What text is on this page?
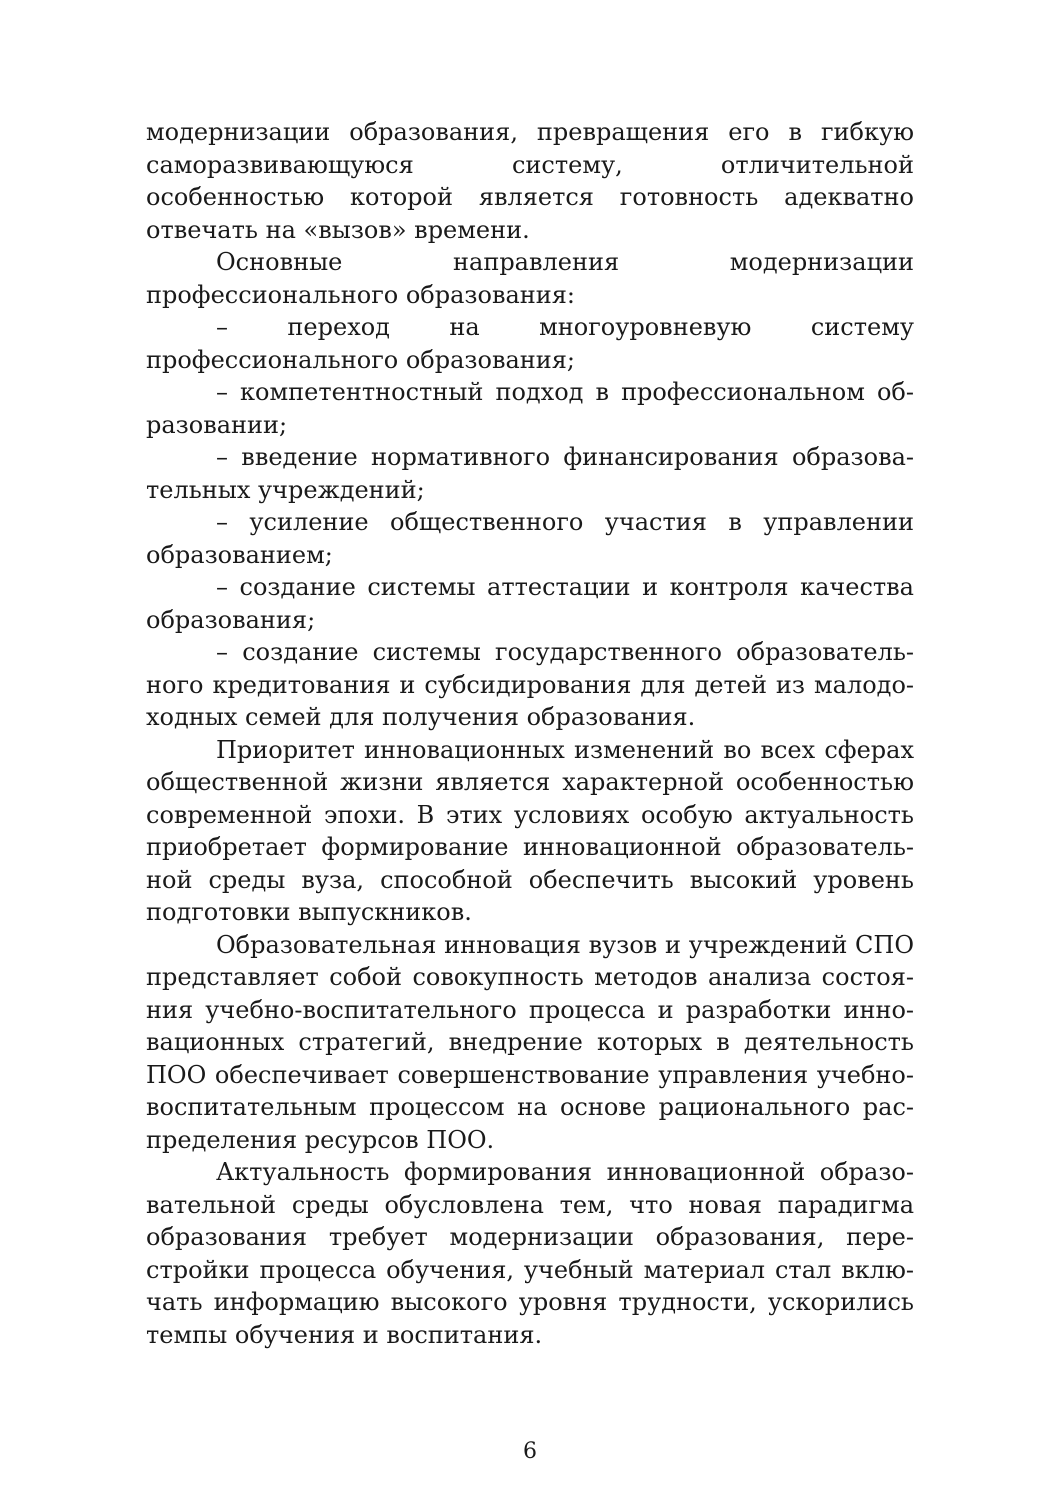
модернизации образования, превращения его в гибкую саморазвивающуюся систему, отличительной особенностью которой является готовность адекватно отвечать на «вызов» времени.

Основные направления модернизации профессионального образования:

– переход на многоуровневую систему профессионального образования;

– компетентностный подход в профессиональном образовании;

– введение нормативного финансирования образовательных учреждений;

– усиление общественного участия в управлении образованием;

– создание системы аттестации и контроля качества образования;

– создание системы государственного образовательного кредитования и субсидирования для детей из малодоходных семей для получения образования.

Приоритет инновационных изменений во всех сферах общественной жизни является характерной особенностью современной эпохи. В этих условиях особую актуальность приобретает формирование инновационной образовательной среды вуза, способной обеспечить высокий уровень подготовки выпускников.

Образовательная инновация вузов и учреждений СПО представляет собой совокупность методов анализа состояния учебно-воспитательного процесса и разработки инновационных стратегий, внедрение которых в деятельность ПОО обеспечивает совершенствование управления учебно-воспитательным процессом на основе рационального распределения ресурсов ПОО.

Актуальность формирования инновационной образовательной среды обусловлена тем, что новая парадигма образования требует модернизации образования, перестройки процесса обучения, учебный материал стал включать информацию высокого уровня трудности, ускорились темпы обучения и воспитания.

6
